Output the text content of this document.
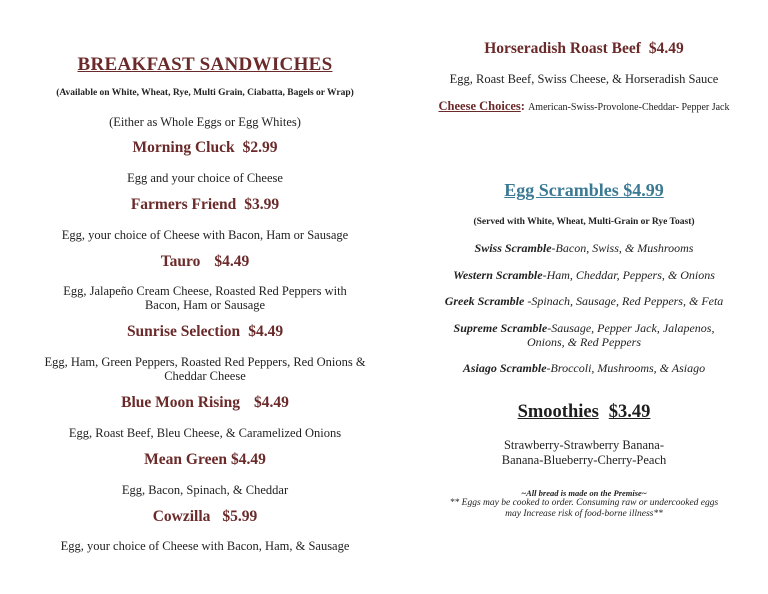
BREAKFAST SANDWICHES
(Available on White, Wheat, Rye, Multi Grain, Ciabatta, Bagels or Wrap)
(Either as Whole Eggs or Egg Whites)
Morning Cluck $2.99
Egg and your choice of Cheese
Farmers Friend $3.99
Egg, your choice of Cheese with Bacon, Ham or Sausage
Tauro $4.49
Egg, Jalapeño Cream Cheese, Roasted Red Peppers with Bacon, Ham or Sausage
Sunrise Selection $4.49
Egg, Ham, Green Peppers, Roasted Red Peppers, Red Onions & Cheddar Cheese
Blue Moon Rising $4.49
Egg, Roast Beef, Bleu Cheese, & Caramelized Onions
Mean Green $4.49
Egg, Bacon, Spinach, & Cheddar
Cowzilla $5.99
Egg, your choice of Cheese with Bacon, Ham, & Sausage
Horseradish Roast Beef $4.49
Egg, Roast Beef, Swiss Cheese, & Horseradish Sauce
Cheese Choices: American-Swiss-Provolone-Cheddar- Pepper Jack
Egg Scrambles $4.99
(Served with White, Wheat, Multi-Grain or Rye Toast)
Swiss Scramble-Bacon, Swiss, & Mushrooms
Western Scramble-Ham, Cheddar, Peppers, & Onions
Greek Scramble -Spinach, Sausage, Red Peppers, & Feta
Supreme Scramble-Sausage, Pepper Jack, Jalapenos, Onions, & Red Peppers
Asiago Scramble-Broccoli, Mushrooms, & Asiago
Smoothies $3.49
Strawberry-Strawberry Banana-
Banana-Blueberry-Cherry-Peach
~All bread is made on the Premise~
** Eggs may be cooked to order. Consuming raw or undercooked eggs may Increase risk of food-borne illness**
